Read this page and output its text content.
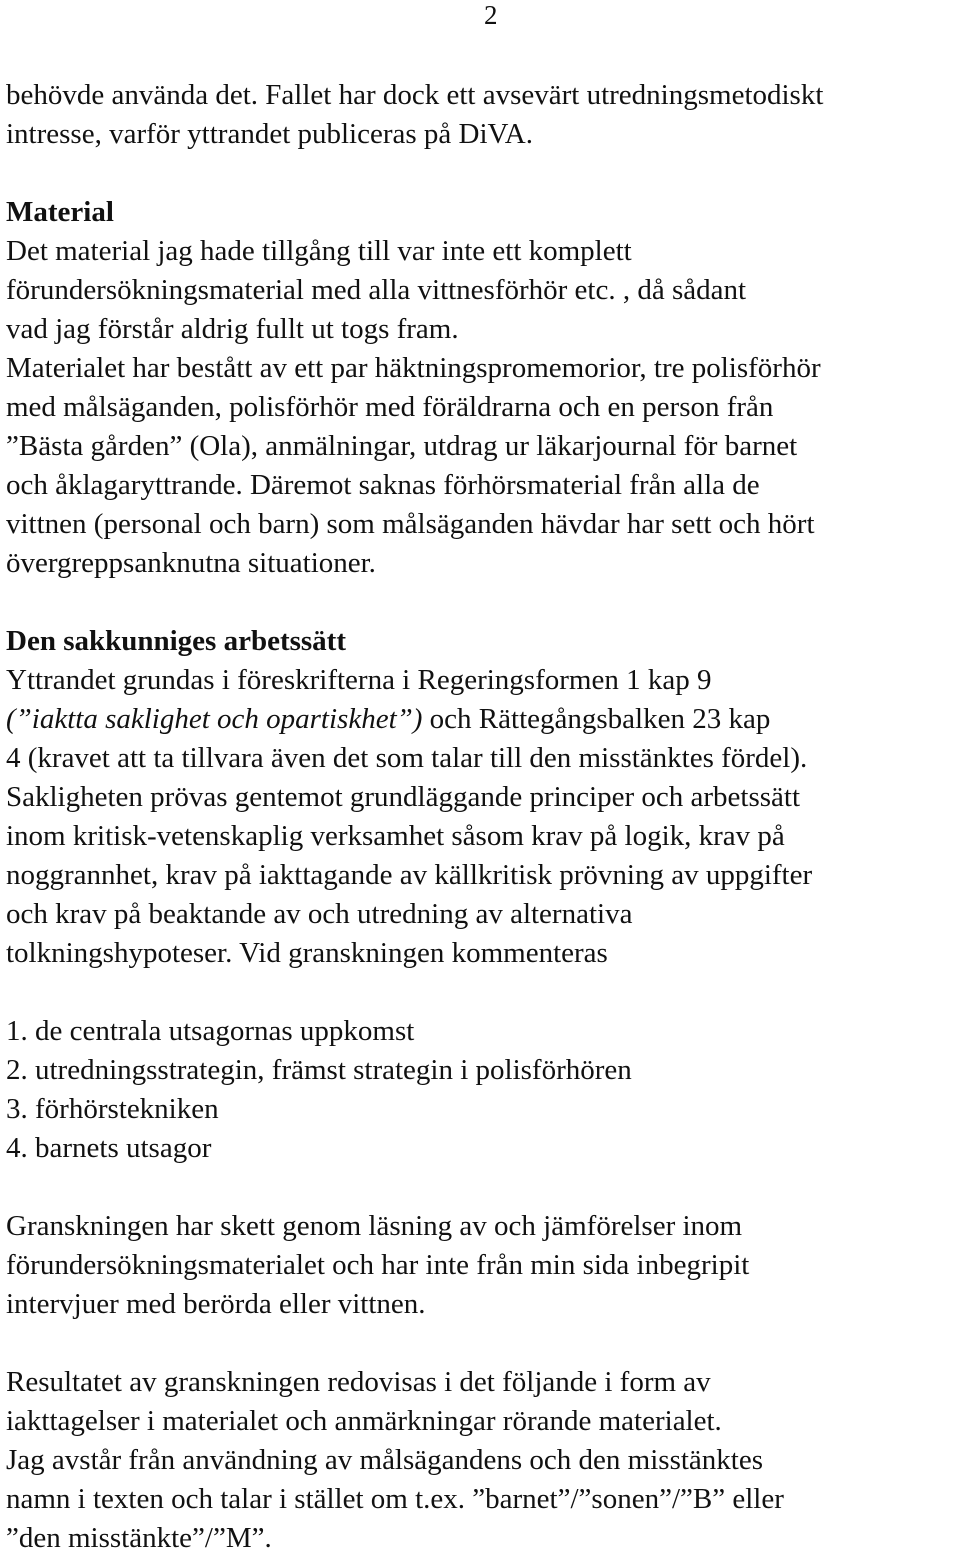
2

behövde använda det. Fallet har dock ett avsevärt utredningsmetodiskt
intresse, varför yttrandet publiceras på DiVA.

Material
Det material jag hade tillgång till var inte ett komplett
förundersökningsmaterial med alla vittnesförhör etc. , då sådant
vad jag förstår aldrig fullt ut togs fram.
Materialet har bestått av ett par häktningspromemorior, tre polisförhör
med målsäganden, polisförhör med föräldrarna och en person från
”Bästa gården” (Ola), anmälningar, utdrag ur läkarjournal för barnet
och åklagaryttrande. Däremot saknas förhörsmaterial från alla de
vittnen (personal och barn) som målsäganden hävdar har sett och hört
övergreppsanknutna situationer.

Den sakkunniges arbetssätt
Yttrandet grundas i föreskrifterna i Regeringsformen 1 kap 9
(”iaktta saklighet och opartiskhet”) och Rättegångsbalken 23 kap
4 (kravet att ta tillvara även det som talar till den misstänktes fördel).
Sakligheten prövas gentemot grundläggande principer och arbetssätt
inom kritisk-vetenskaplig verksamhet såsom krav på logik, krav på
noggrannhet, krav på iakttagande av källkritisk prövning av uppgifter
och krav på beaktande av och utredning av alternativa
tolkningshypoteser. Vid granskningen kommenteras

1. de centrala utsagornas uppkomst
2. utredningsstrategin, främst strategin i polisförhören
3. förhörstekniken
4. barnets utsagor

Granskningen har skett genom läsning av och jämförelser inom
förundersökningsmaterialet och har inte från min sida inbegripit
intervjuer med berörda eller vittnen.

Resultatet av granskningen redovisas i det följande i form av
iakttagelser i materialet och anmärkningar rörande materialet.
Jag avstår från användning av målsägandens och den misstänktes
namn i texten och talar i stället om t.ex. ”barnet”/”sonen”/”B” eller
”den misstänkte”/”M”.
